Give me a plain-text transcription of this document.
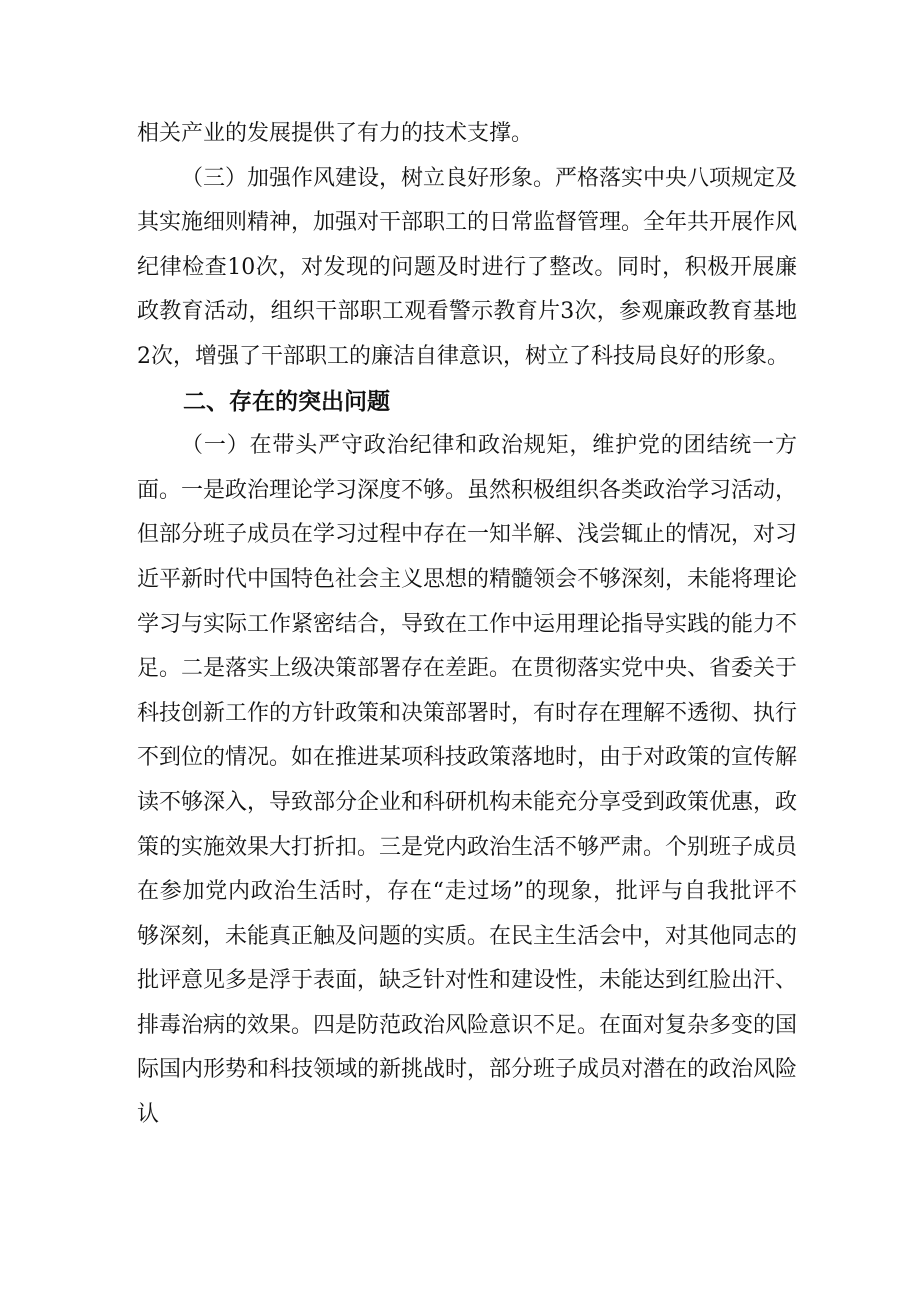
相关产业的发展提供了有力的技术支撑。

（三）加强作风建设，树立良好形象。严格落实中央八项规定及其实施细则精神，加强对干部职工的日常监督管理。全年共开展作风纪律检查10次，对发现的问题及时进行了整改。同时，积极开展廉政教育活动，组织干部职工观看警示教育片3次，参观廉政教育基地2次，增强了干部职工的廉洁自律意识，树立了科技局良好的形象。

二、存在的突出问题

（一）在带头严守政治纪律和政治规矩，维护党的团结统一方面。一是政治理论学习深度不够。虽然积极组织各类政治学习活动，但部分班子成员在学习过程中存在一知半解、浅尝辄止的情况，对习近平新时代中国特色社会主义思想的精髓领会不够深刻，未能将理论学习与实际工作紧密结合，导致在工作中运用理论指导实践的能力不足。二是落实上级决策部署存在差距。在贯彻落实党中央、省委关于科技创新工作的方针政策和决策部署时，有时存在理解不透彻、执行不到位的情况。如在推进某项科技政策落地时，由于对政策的宣传解读不够深入，导致部分企业和科研机构未能充分享受到政策优惠，政策的实施效果大打折扣。三是党内政治生活不够严肃。个别班子成员在参加党内政治生活时，存在“走过场”的现象，批评与自我批评不够深刻，未能真正触及问题的实质。在民主生活会中，对其他同志的批评意见多是浮于表面，缺乏针对性和建设性，未能达到红脸出汗、排毒治病的效果。四是防范政治风险意识不足。在面对复杂多变的国际国内形势和科技领域的新挑战时，部分班子成员对潜在的政治风险认
